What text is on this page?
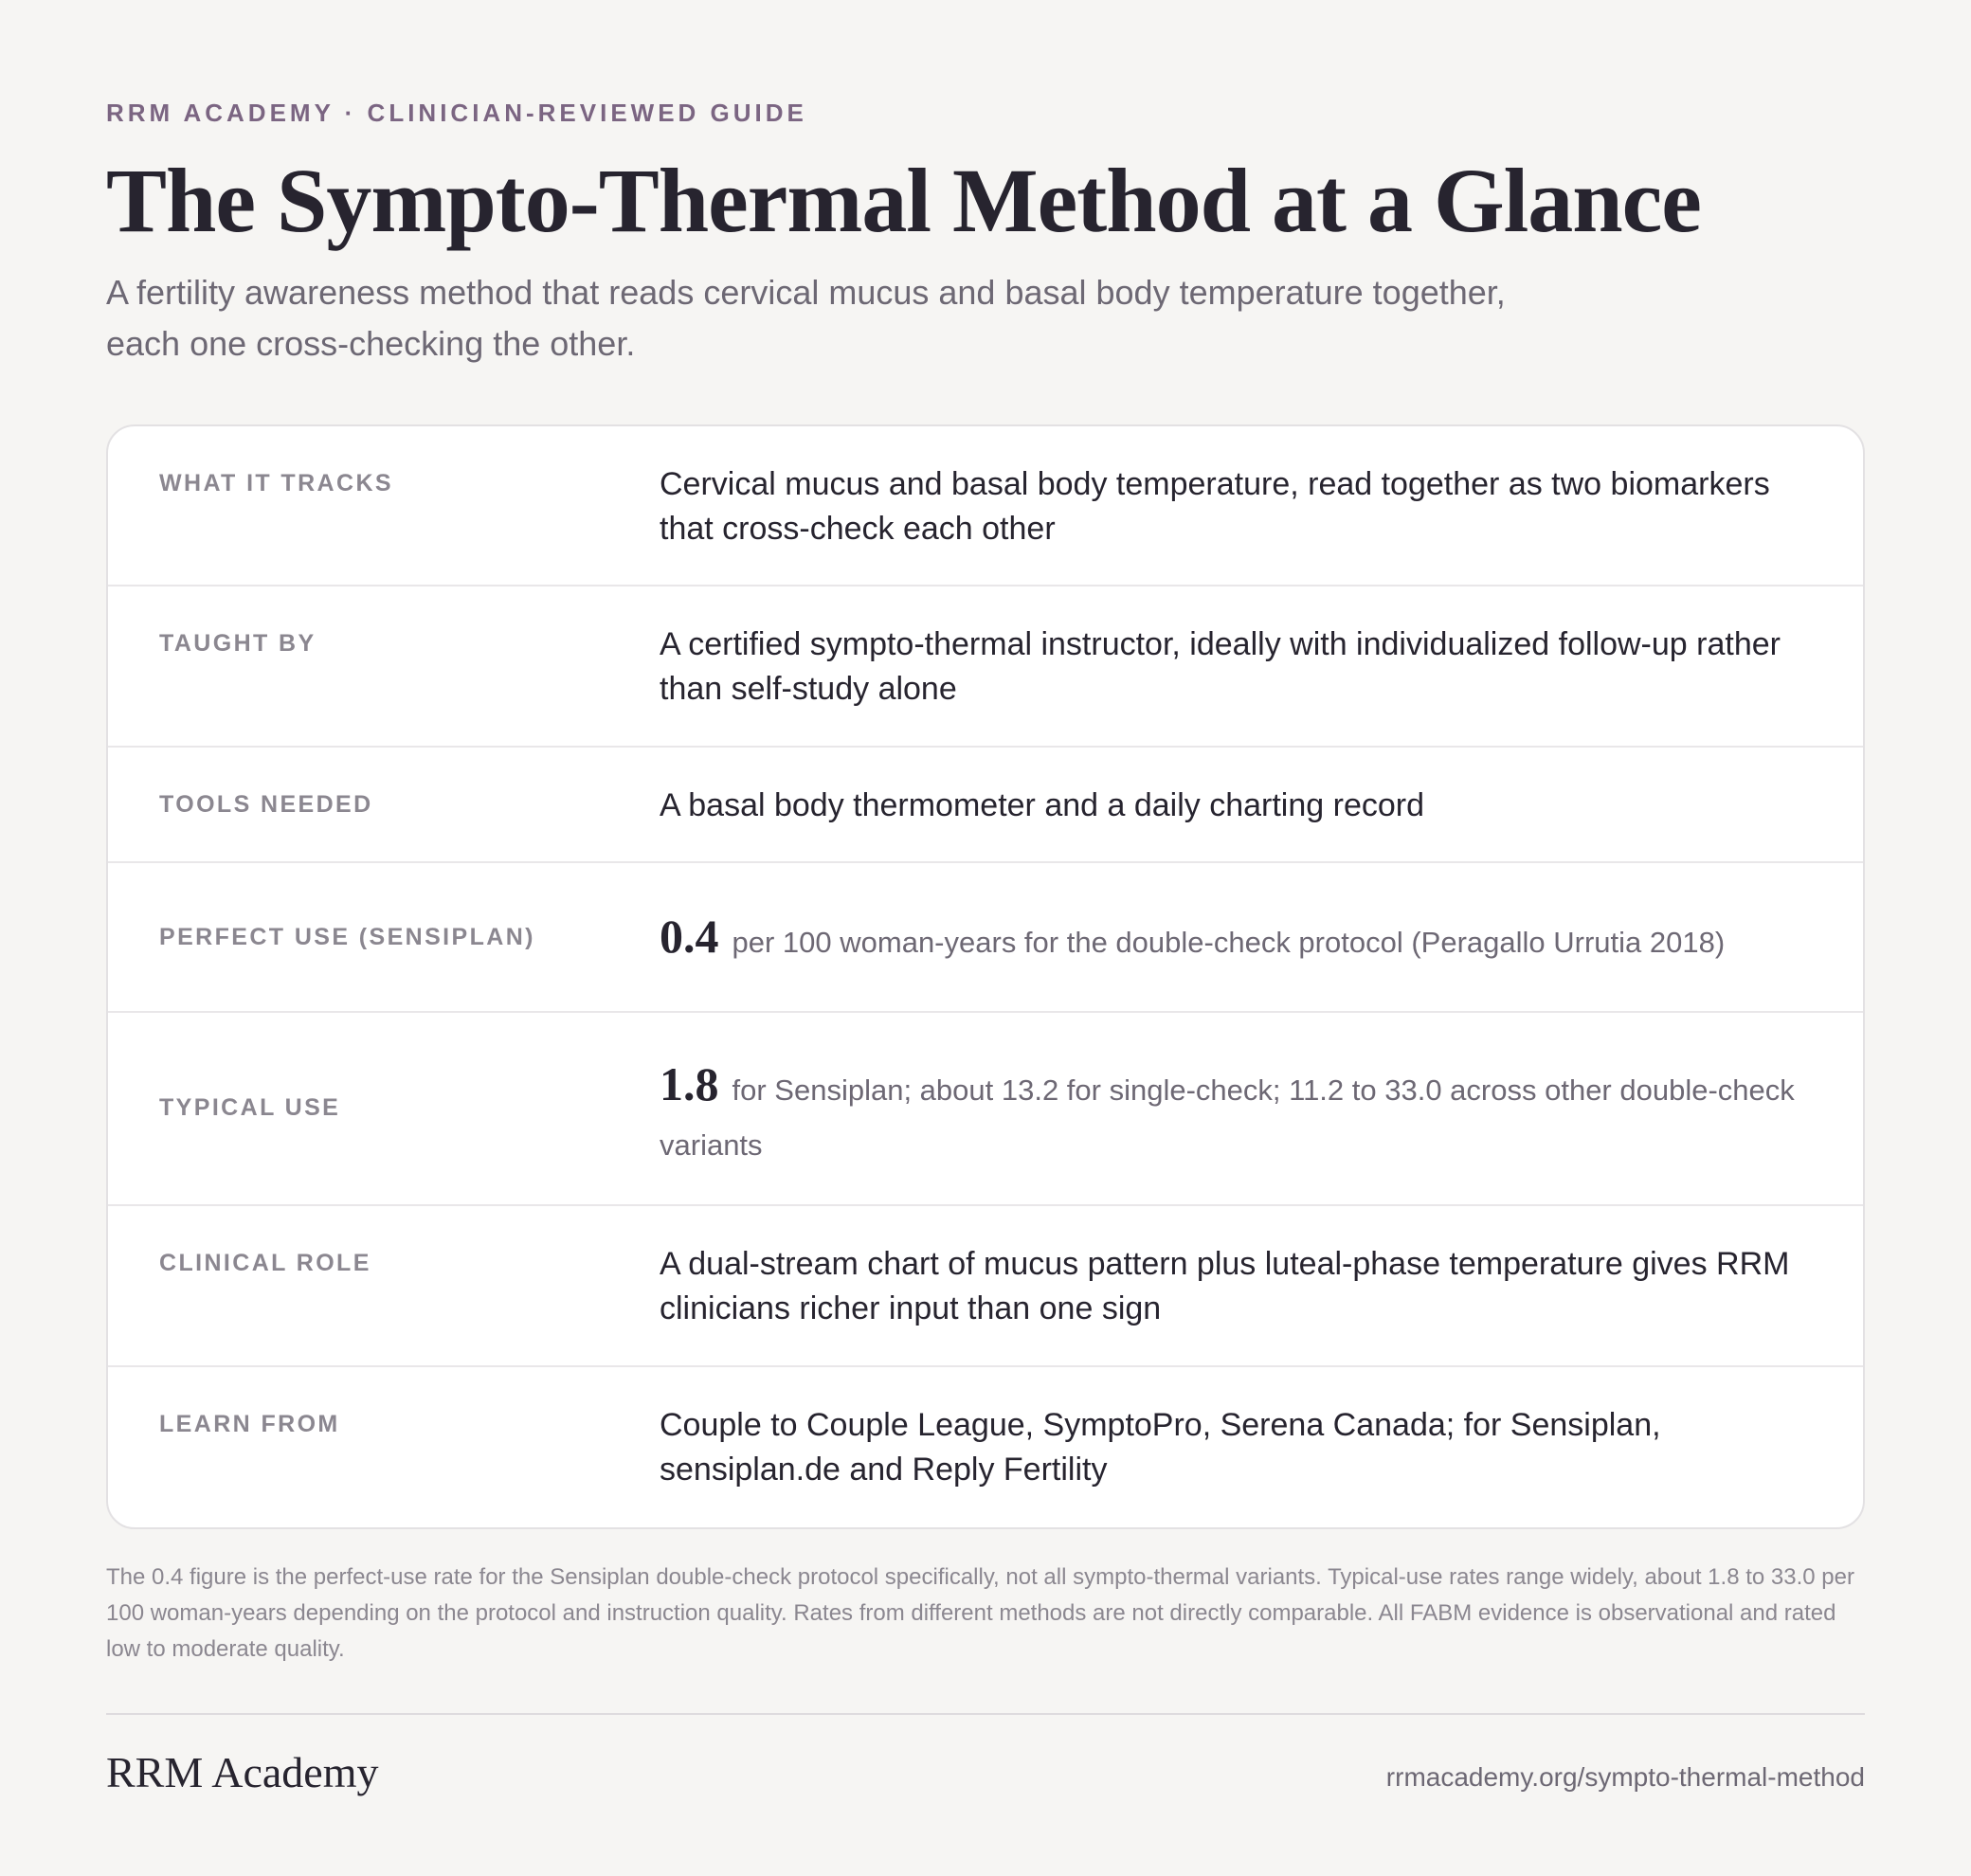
RRM ACADEMY · CLINICIAN-REVIEWED GUIDE
The Sympto-Thermal Method at a Glance

A fertility awareness method that reads cervical mucus and basal body temperature together, each one cross-checking the other.

WHAT IT TRACKS	Cervical mucus and basal body temperature, read together as two biomarkers that cross-check each other
TAUGHT BY	A certified sympto-thermal instructor, ideally with individualized follow-up rather than self-study alone
TOOLS NEEDED	A basal body thermometer and a daily charting record
PERFECT USE (SENSIPLAN)	0.4 per 100 woman-years for the double-check protocol (Peragallo Urrutia 2018)
TYPICAL USE	1.8 for Sensiplan; about 13.2 for single-check; 11.2 to 33.0 across other double-check variants
CLINICAL ROLE	A dual-stream chart of mucus pattern plus luteal-phase temperature gives RRM clinicians richer input than one sign
LEARN FROM	Couple to Couple League, SymptoPro, Serena Canada; for Sensiplan, sensiplan.de and Reply Fertility

The 0.4 figure is the perfect-use rate for the Sensiplan double-check protocol specifically, not all sympto-thermal variants. Typical-use rates range widely, about 1.8 to 33.0 per 100 woman-years depending on the protocol and instruction quality. Rates from different methods are not directly comparable. All FABM evidence is observational and rated low to moderate quality.

RRM Academy	rrmacademy.org/sympto-thermal-method
